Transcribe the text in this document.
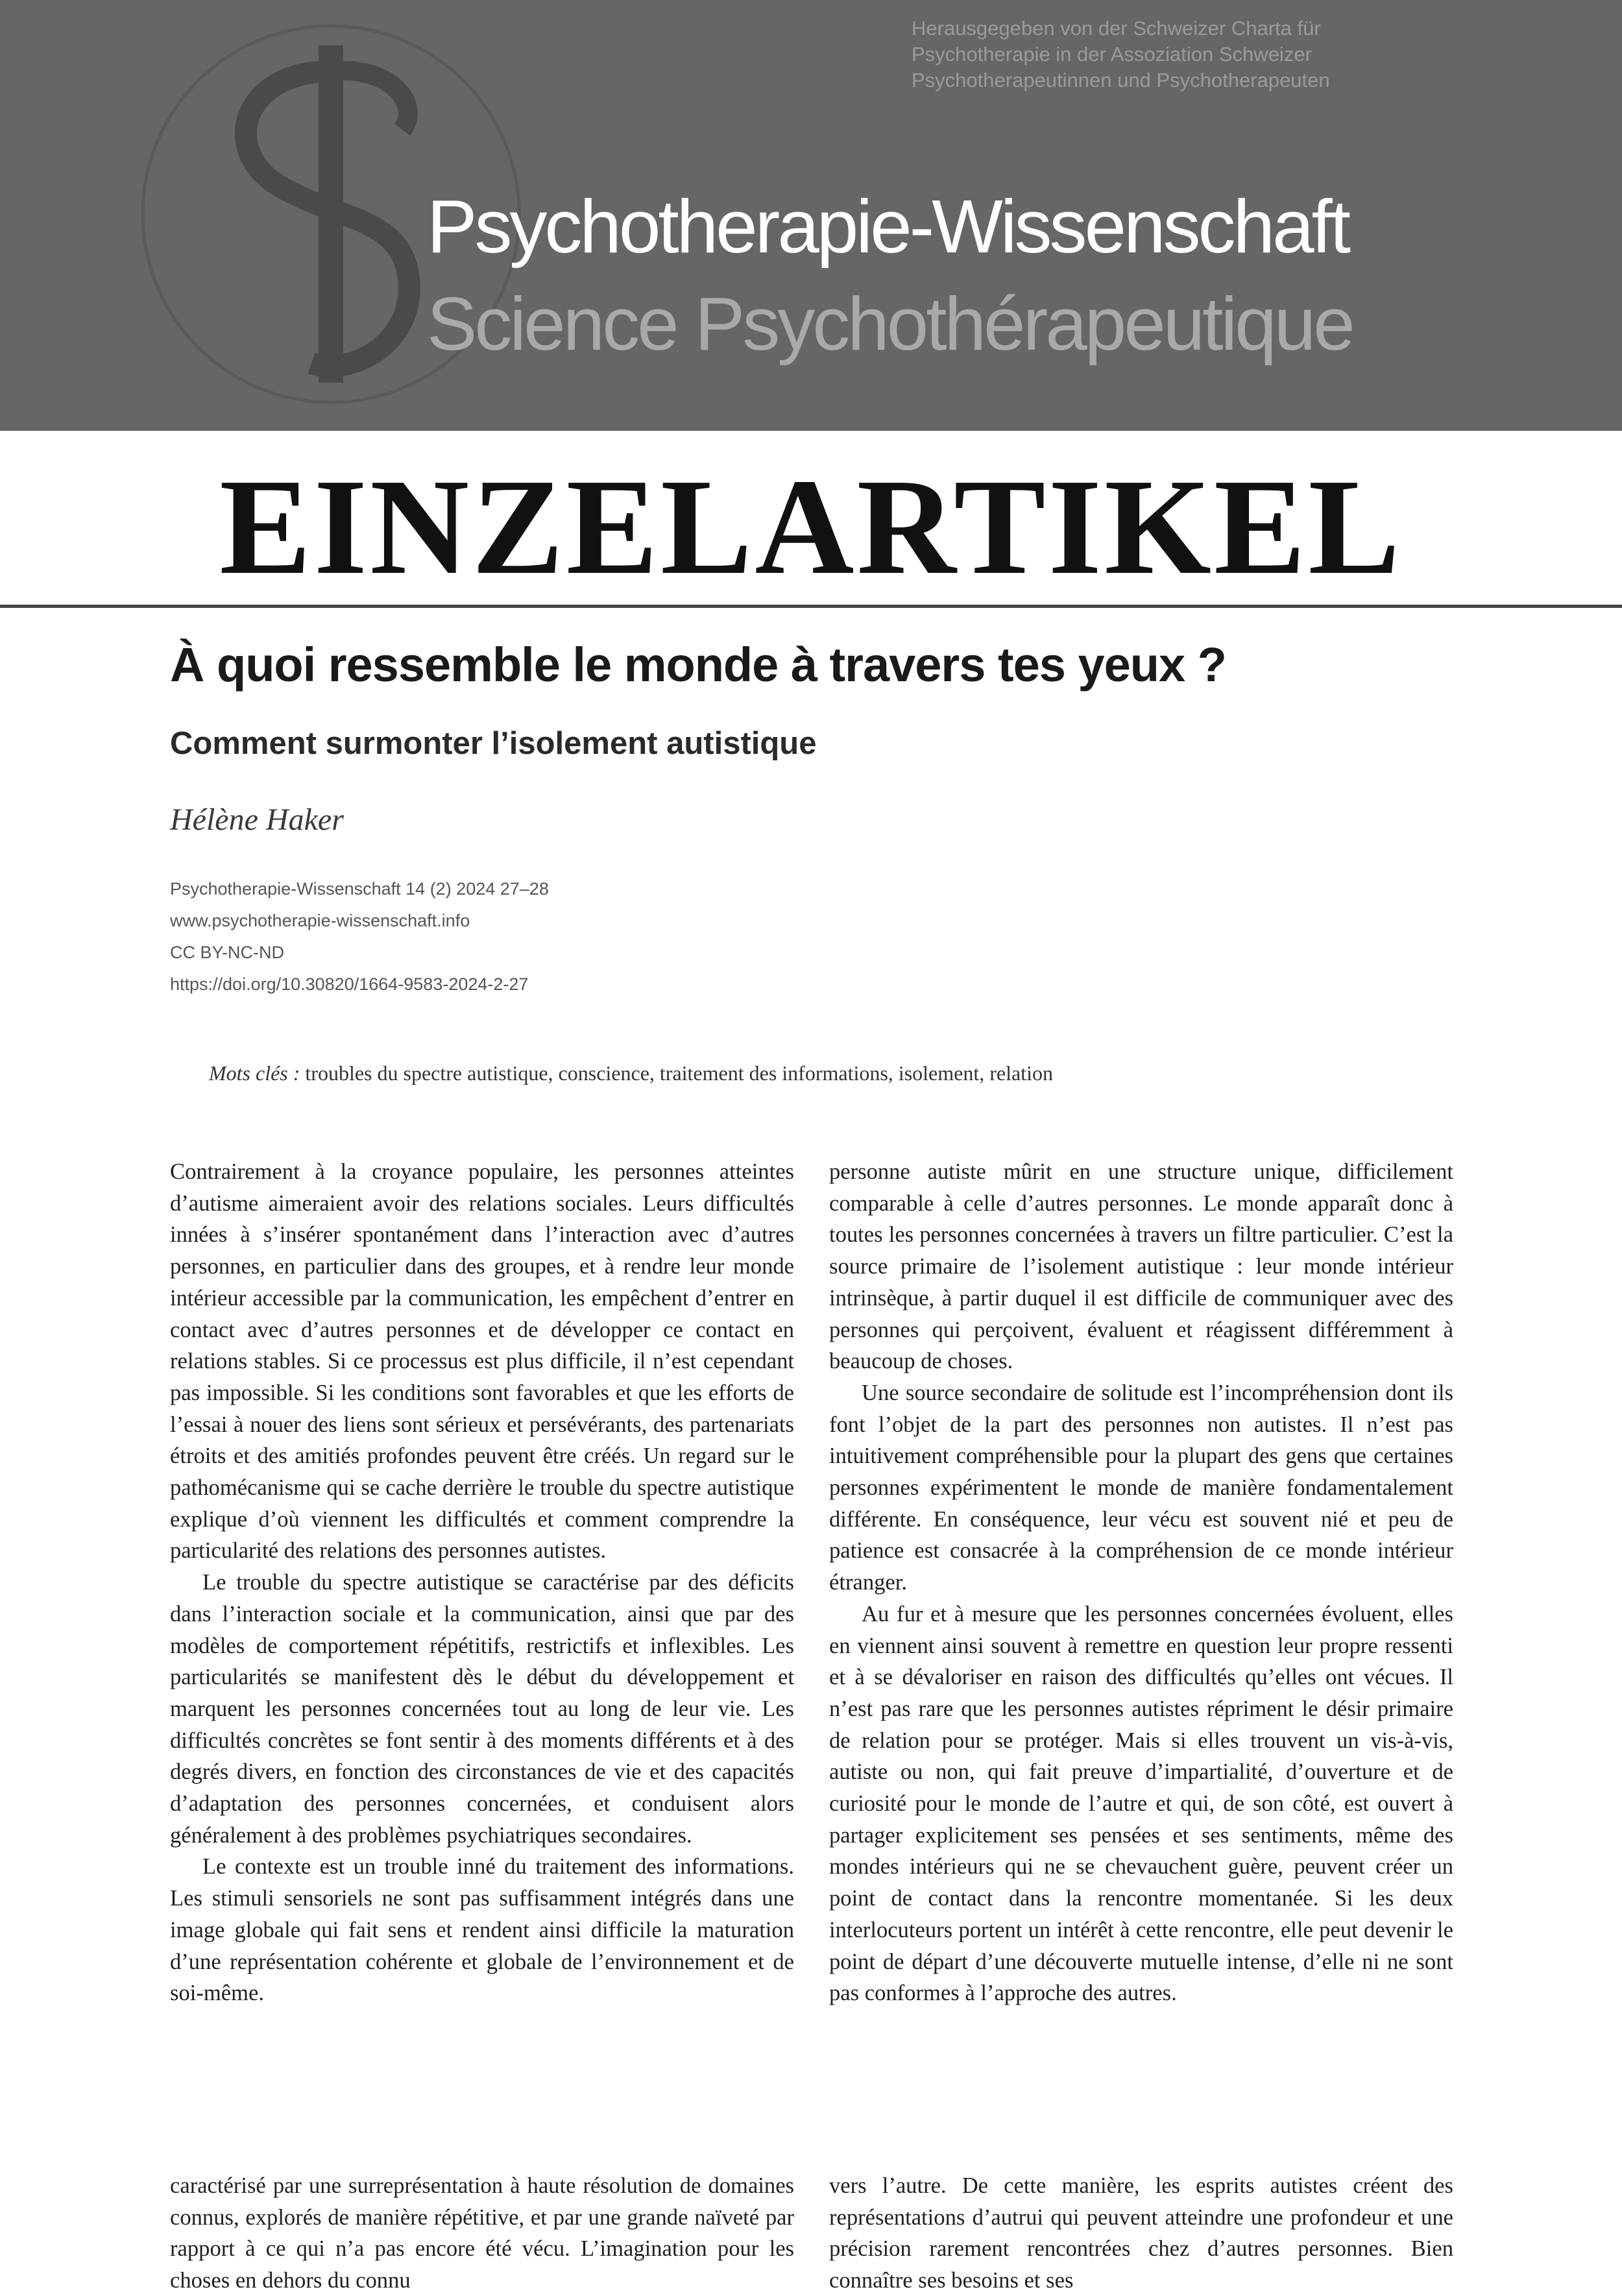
Herausgegeben von der Schweizer Charta für
Psychotherapie in der Assoziation Schweizer
Psychotherapeutinnen und Psychotherapeuten
Psychotherapie-Wissenschaft
Science Psychothérapeutique
EINZELARTIKEL
À quoi ressemble le monde à travers tes yeux ?
Comment surmonter l’isolement autistique
Hélène Haker
Psychotherapie-Wissenschaft 14 (2) 2024 27–28
www.psychotherapie-wissenschaft.info
CC BY-NC-ND
https://doi.org/10.30820/1664-9583-2024-2-27
Mots clés : troubles du spectre autistique, conscience, traitement des informations, isolement, relation

Contrairement à la croyance populaire, les personnes atteintes d’autisme aimeraient avoir des relations sociales. Leurs difficultés innées à s’insérer spontanément dans l’interaction avec d’autres personnes, en particulier dans des groupes, et à rendre leur monde intérieur accessible par la communication, les empêchent d’entrer en contact avec d’autres personnes et de développer ce contact en relations stables. Si ce processus est plus difficile, il n’est cependant pas impossible. Si les conditions sont favorables et que les efforts de l’essai à nouer des liens sont sérieux et persévérants, des partenariats étroits et des amitiés profondes peuvent être créés. Un regard sur le pathomécanisme qui se cache derrière le trouble du spectre autistique explique d’où viennent les difficultés et comment comprendre la particularité des relations des personnes autistes.

Le trouble du spectre autistique se caractérise par des déficits dans l’interaction sociale et la communication, ainsi que par des modèles de comportement répétitifs, restrictifs et inflexibles. Les particularités se manifestent dès le début du développement et marquent les personnes concernées tout au long de leur vie. Les difficultés concrètes se font sentir à des moments différents et à des degrés divers, en fonction des circonstances de vie et des capacités d’adaptation des personnes concernées, et conduisent alors généralement à des problèmes psychiatriques secondaires.

Le contexte est un trouble inné du traitement des informations. Les stimuli sensoriels ne sont pas suffisamment intégrés dans une image globale qui fait sens et rendent ainsi difficile la maturation d’une représentation cohérente et globale de l’environnement et de soi-même.

personne autiste mûrit en une structure unique, difficilement comparable à celle d’autres personnes. Le monde apparaît donc à toutes les personnes concernées à travers un filtre particulier. C’est la source primaire de l’isolement autistique : leur monde intérieur intrinsèque, à partir duquel il est difficile de communiquer avec des personnes qui perçoivent, évaluent et réagissent différemment à beaucoup de choses.

Une source secondaire de solitude est l’incompréhension dont ils font l’objet de la part des personnes non autistes. Il n’est pas intuitivement compréhensible pour la plupart des gens que certaines personnes expérimentent le monde de manière fondamentalement différente. En conséquence, leur vécu est souvent nié et peu de patience est consacrée à la compréhension de ce monde intérieur étranger.

Au fur et à mesure que les personnes concernées évoluent, elles en viennent ainsi souvent à remettre en question leur propre ressenti et à se dévaloriser en raison des difficultés qu’elles ont vécues. Il n’est pas rare que les personnes autistes répriment le désir primaire de relation pour se protéger. Mais si elles trouvent un vis-à-vis, autiste ou non, qui fait preuve d’impartialité, d’ouverture et de curiosité pour le monde de l’autre et qui, de son côté, est ouvert à partager explicitement ses pensées et ses sentiments, même des mondes intérieurs qui ne se chevauchent guère, peuvent créer un point de contact dans la rencontre momentanée. Si les deux interlocuteurs portent un intérêt à cette rencontre, elle peut devenir le point de départ d’une découverte mutuelle intense, d’elle ni ne sont pas conformes à l’approche des autres.

caractérisé par une surreprésentation à haute résolution de domaines connus, explorés de manière répétitive, et par une grande naïveté par rapport à ce qui n’a pas encore été vécu. L’imagination pour les choses en dehors du connu

vers l’autre. De cette manière, les esprits autistes créent des représentations d’autrui qui peuvent atteindre une profondeur et une précision rarement rencontrées chez d’autres personnes. Bien connaître ses besoins et ses
